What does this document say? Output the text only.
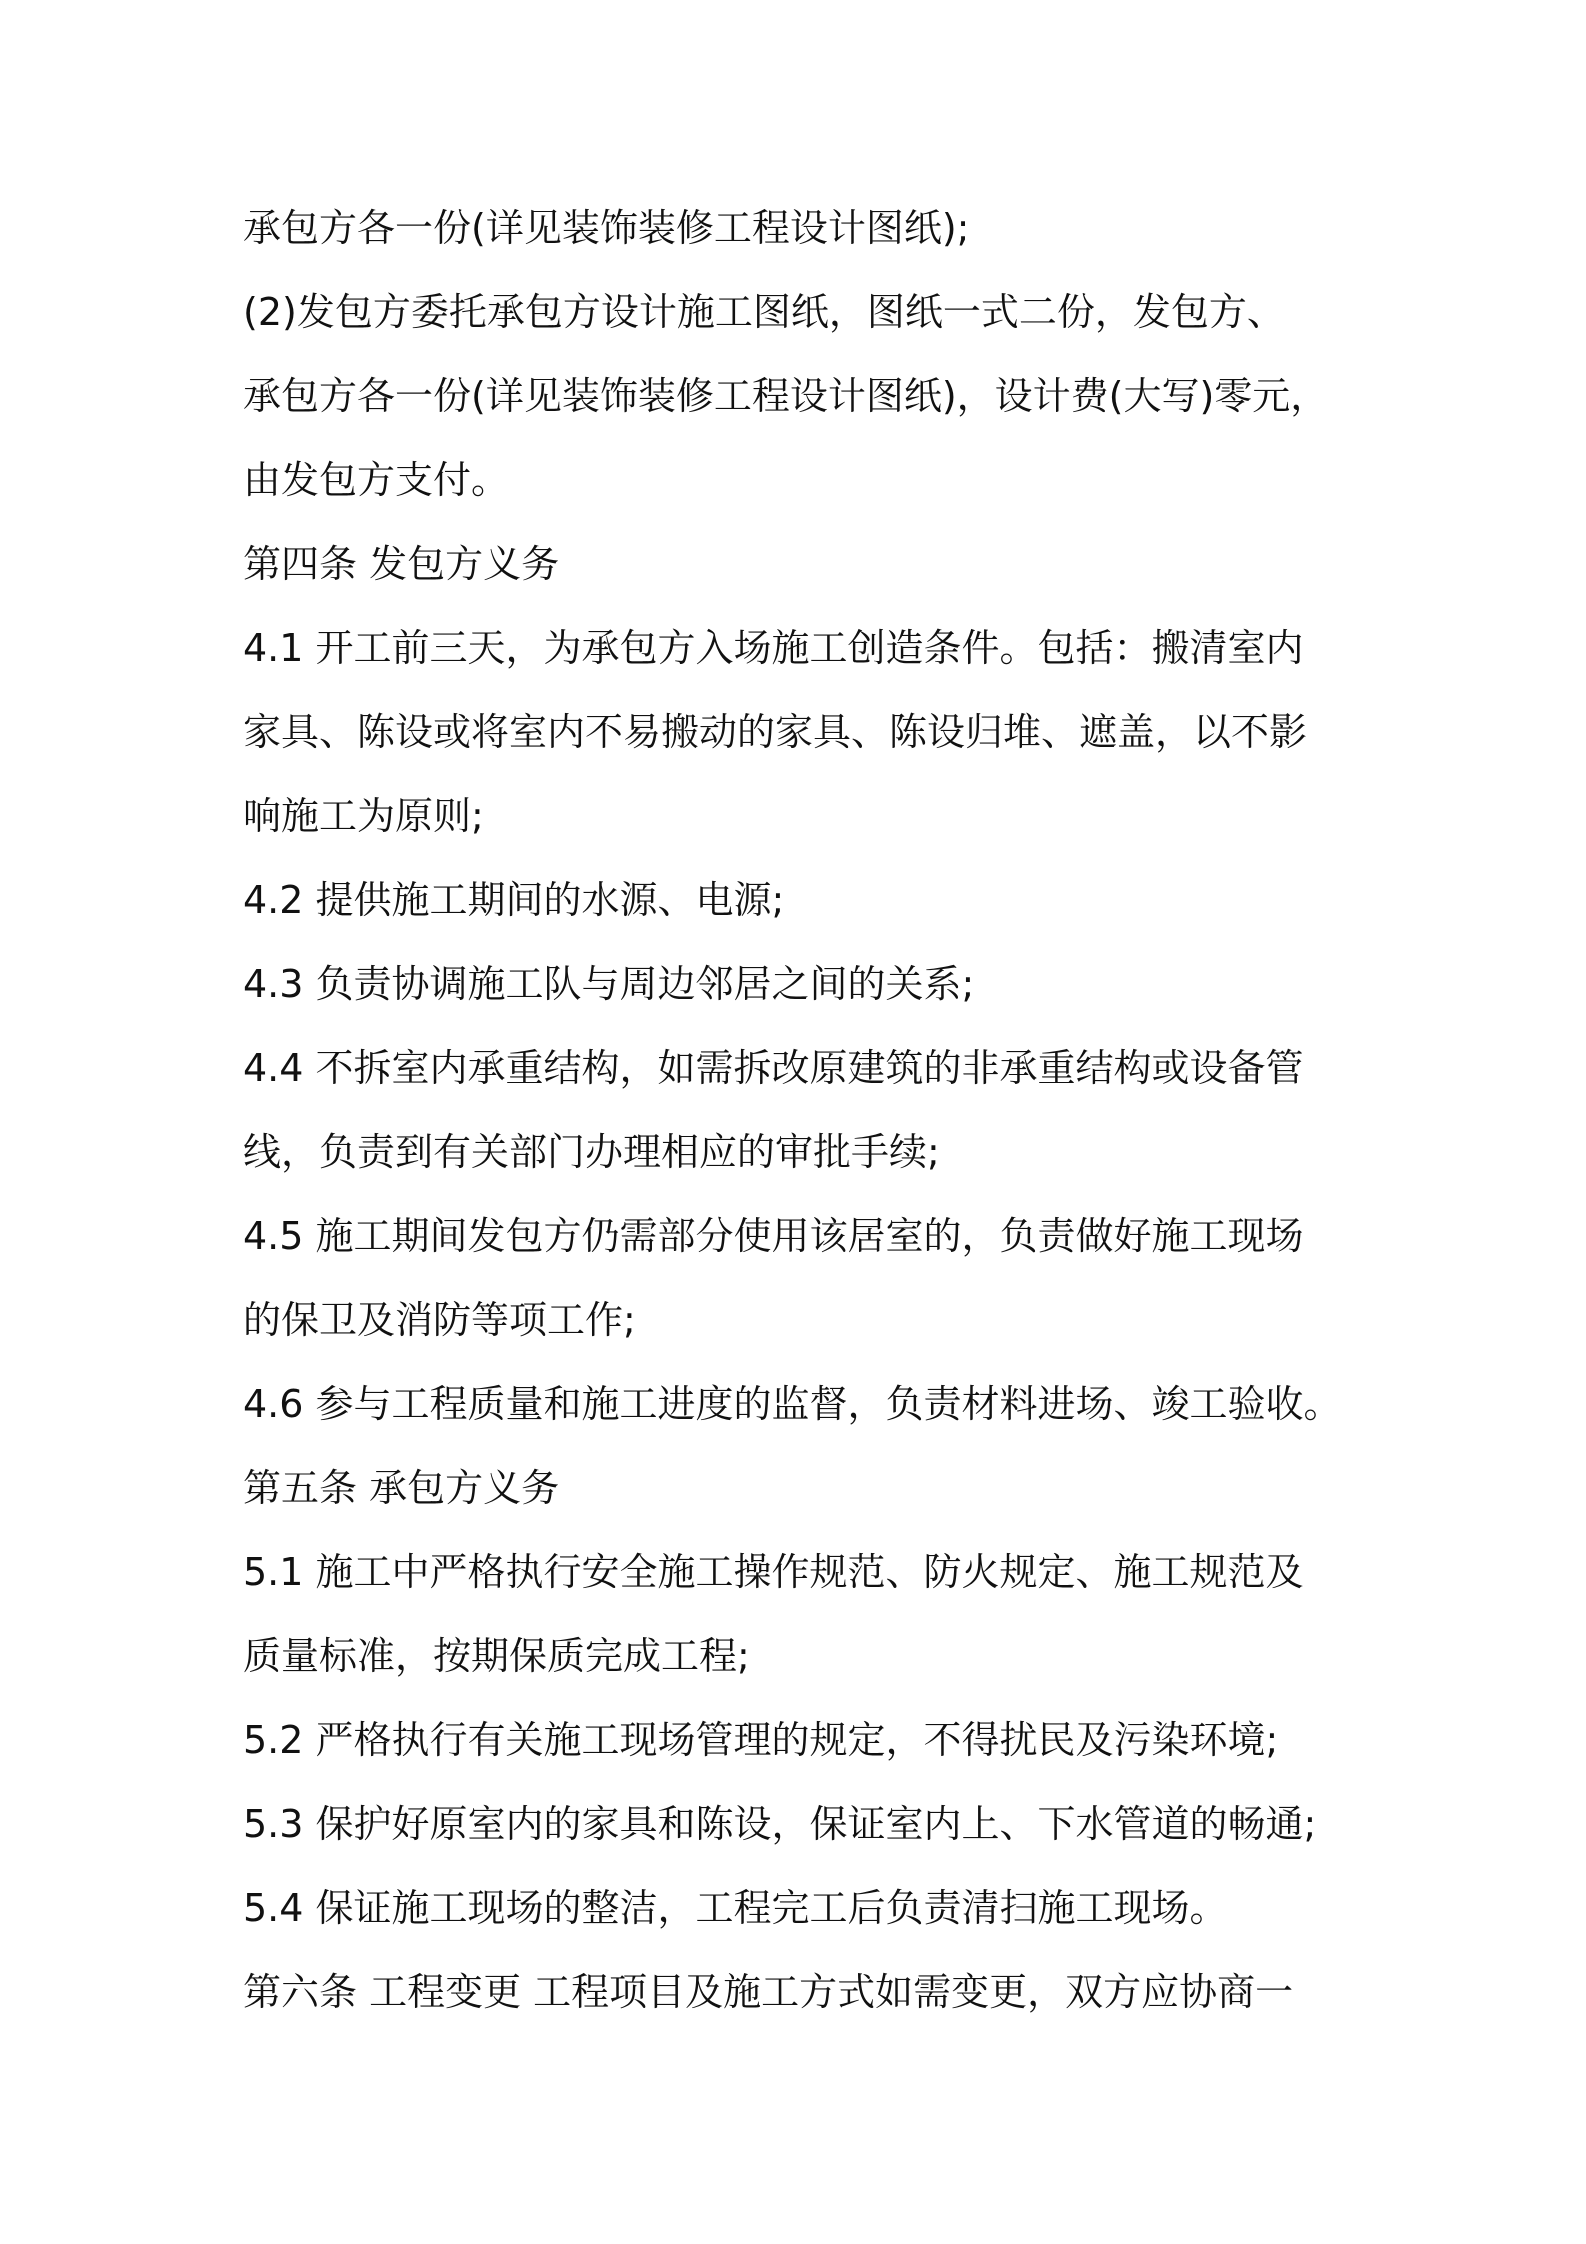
承包方各一份(详见装饰装修工程设计图纸);
(2)发包方委托承包方设计施工图纸，图纸一式二份，发包方、
承包方各一份(详见装饰装修工程设计图纸)，设计费(大写)零元，
由发包方支付。
第四条 发包方义务
4.1 开工前三天，为承包方入场施工创造条件。包括：搬清室内
家具、陈设或将室内不易搬动的家具、陈设归堆、遮盖，以不影
响施工为原则;
4.2 提供施工期间的水源、电源;
4.3 负责协调施工队与周边邻居之间的关系;
4.4 不拆室内承重结构，如需拆改原建筑的非承重结构或设备管
线，负责到有关部门办理相应的审批手续;
4.5 施工期间发包方仍需部分使用该居室的，负责做好施工现场
的保卫及消防等项工作;
4.6 参与工程质量和施工进度的监督，负责材料进场、竣工验收。
第五条 承包方义务
5.1 施工中严格执行安全施工操作规范、防火规定、施工规范及
质量标准，按期保质完成工程;
5.2 严格执行有关施工现场管理的规定，不得扰民及污染环境;
5.3 保护好原室内的家具和陈设，保证室内上、下水管道的畅通;
5.4 保证施工现场的整洁，工程完工后负责清扫施工现场。
第六条 工程变更 工程项目及施工方式如需变更，双方应协商一
